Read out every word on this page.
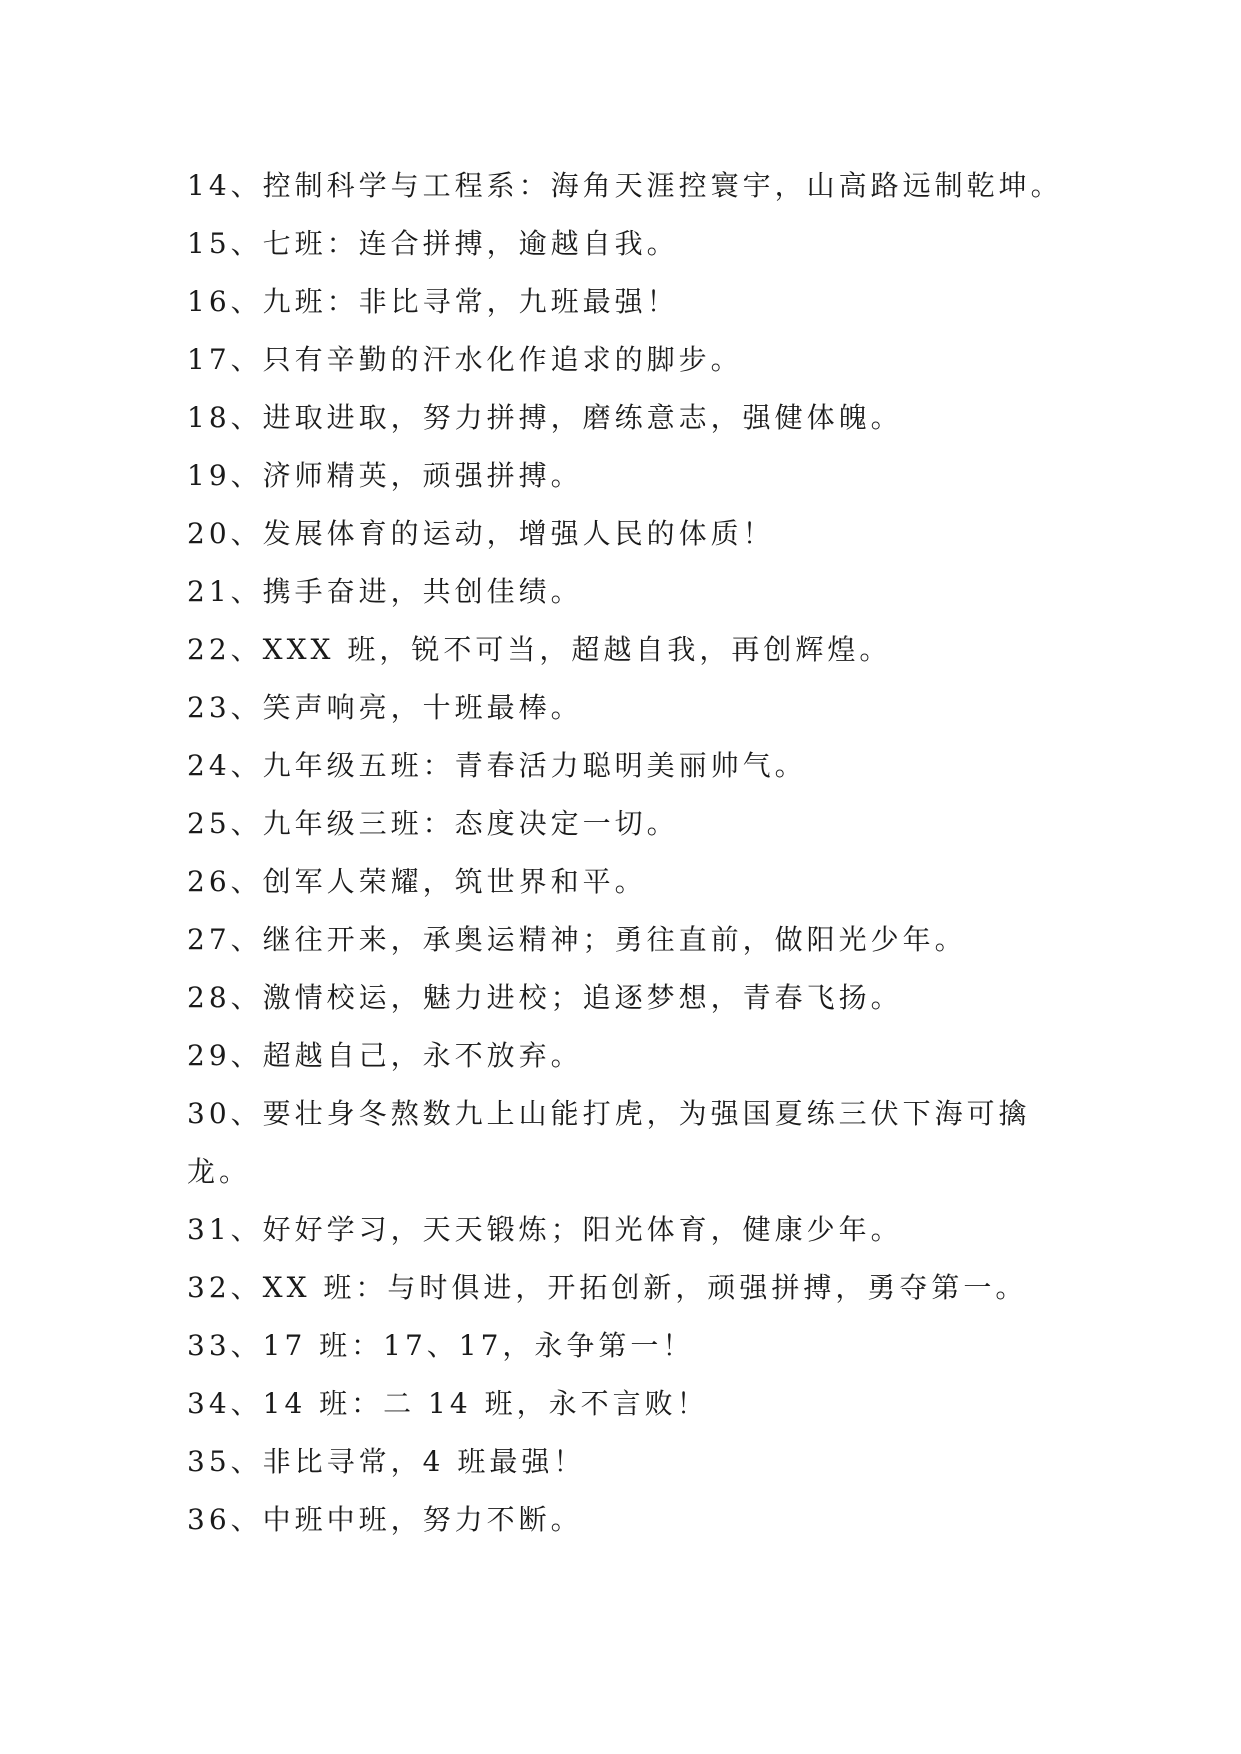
14、控制科学与工程系：海角天涯控寰宇，山高路远制乾坤。
15、七班：连合拼搏，逾越自我。
16、九班：非比寻常，九班最强！
17、只有辛勤的汗水化作追求的脚步。
18、进取进取，努力拼搏，磨练意志，强健体魄。
19、济师精英，顽强拼搏。
20、发展体育的运动，增强人民的体质！
21、携手奋进，共创佳绩。
22、XXX 班，锐不可当，超越自我，再创辉煌。
23、笑声响亮，十班最棒。
24、九年级五班：青春活力聪明美丽帅气。
25、九年级三班：态度决定一切。
26、创军人荣耀，筑世界和平。
27、继往开来，承奥运精神；勇往直前，做阳光少年。
28、激情校运，魅力进校；追逐梦想，青春飞扬。
29、超越自己，永不放弃。
30、要壮身冬熬数九上山能打虎，为强国夏练三伏下海可擒龙。
31、好好学习，天天锻炼；阳光体育，健康少年。
32、XX 班：与时俱进，开拓创新，顽强拼搏，勇夺第一。
33、17 班：17、17，永争第一！
34、14 班：二 14 班，永不言败！
35、非比寻常，4 班最强！
36、中班中班，努力不断。
